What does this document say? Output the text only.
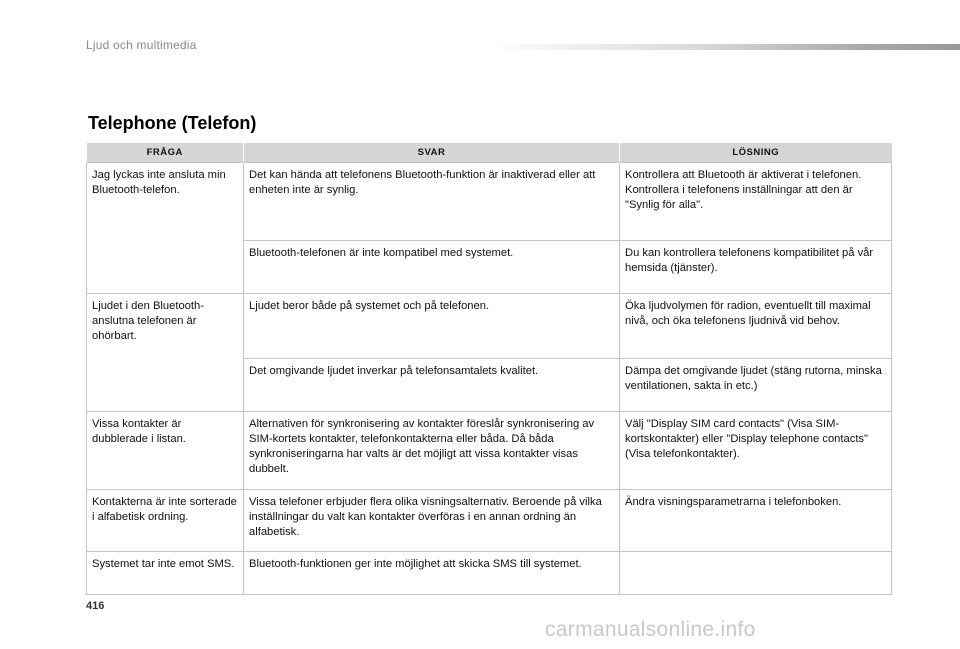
Ljud och multimedia
Telephone (Telefon)
FRÅGA	SVAR	LÖSNING
Jag lyckas inte ansluta min Bluetooth-telefon.	Det kan hända att telefonens Bluetooth-funktion är inaktiverad eller att enheten inte är synlig.	Kontrollera att Bluetooth är aktiverat i telefonen.
Kontrollera i telefonens inställningar att den är "Synlig för alla".

	Bluetooth-telefonen är inte kompatibel med systemet.	Du kan kontrollera telefonens kompatibilitet på vår hemsida (tjänster).
Ljudet i den Bluetooth-anslutna telefonen är ohörbart.	Ljudet beror både på systemet och på telefonen.	Öka ljudvolymen för radion, eventuellt till maximal nivå, och öka telefonens ljudnivå vid behov.
	Det omgivande ljudet inverkar på telefonsamtalets kvalitet.	Dämpa det omgivande ljudet (stäng rutorna, minska ventilationen, sakta in etc.)
Vissa kontakter är dubblerade i listan.	Alternativen för synkronisering av kontakter föreslår synkronisering av SIM-kortets kontakter, telefonkontakterna eller båda. Då båda synkroniseringarna har valts är det möjligt att vissa kontakter visas dubbelt.	Välj "Display SIM card contacts" (Visa SIM-kortskontakter) eller "Display telephone contacts" (Visa telefonkontakter).
Kontakterna är inte sorterade i alfabetisk ordning.	Vissa telefoner erbjuder flera olika visningsalternativ. Beroende på vilka inställningar du valt kan kontakter överföras i en annan ordning än alfabetisk.	Ändra visningsparametrarna i telefonboken.
Systemet tar inte emot SMS.	Bluetooth-funktionen ger inte möjlighet att skicka SMS till systemet.	
416
carmanualsonline.info
